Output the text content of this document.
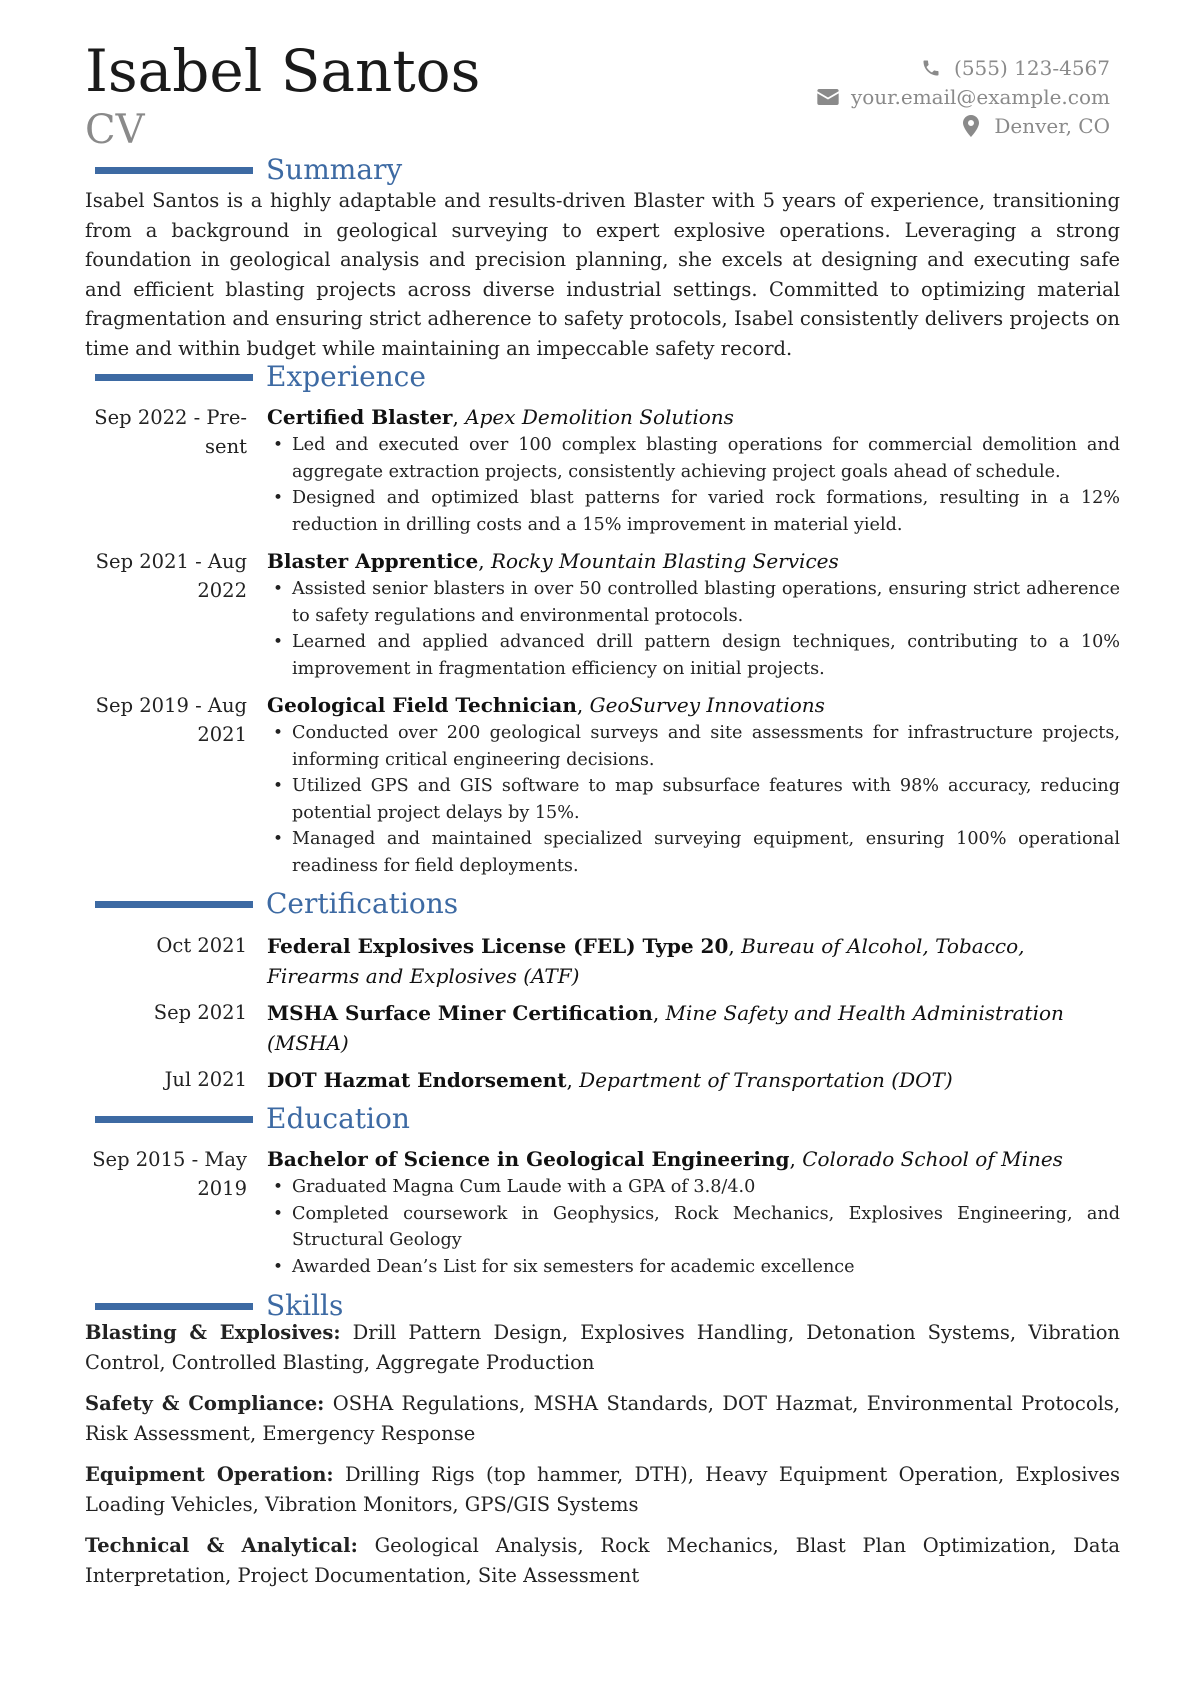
Isabel Santos
CV
(555) 123-4567
your.email@example.com
Denver, CO
Summary
Isabel Santos is a highly adaptable and results-driven Blaster with 5 years of experience, transitioning from a background in geological surveying to expert explosive operations. Leveraging a strong foundation in geological analysis and precision planning, she excels at designing and executing safe and efficient blasting projects across diverse industrial settings. Committed to optimizing material fragmentation and ensuring strict adherence to safety protocols, Isabel consistently delivers projects on time and within budget while maintaining an impeccable safety record.
Experience
Sep 2022 - Pre-
sent
Certified Blaster, Apex Demolition Solutions
• Led and executed over 100 complex blasting operations for commercial demolition and aggregate extraction projects, consistently achieving project goals ahead of schedule.
• Designed and optimized blast patterns for varied rock formations, resulting in a 12% reduction in drilling costs and a 15% improvement in material yield.
Sep 2021 - Aug
2022
Blaster Apprentice, Rocky Mountain Blasting Services
• Assisted senior blasters in over 50 controlled blasting operations, ensuring strict adherence to safety regulations and environmental protocols.
• Learned and applied advanced drill pattern design techniques, contributing to a 10% improvement in fragmentation efficiency on initial projects.
Sep 2019 - Aug
2021
Geological Field Technician, GeoSurvey Innovations
• Conducted over 200 geological surveys and site assessments for infrastructure projects, informing critical engineering decisions.
• Utilized GPS and GIS software to map subsurface features with 98% accuracy, reducing potential project delays by 15%.
• Managed and maintained specialized surveying equipment, ensuring 100% operational readiness for field deployments.
Certifications
Oct 2021 Federal Explosives License (FEL) Type 20, Bureau of Alcohol, Tobacco, Firearms and Explosives (ATF)
Sep 2021 MSHA Surface Miner Certification, Mine Safety and Health Administration (MSHA)
Jul 2021 DOT Hazmat Endorsement, Department of Transportation (DOT)
Education
Sep 2015 - May
2019
Bachelor of Science in Geological Engineering, Colorado School of Mines
• Graduated Magna Cum Laude with a GPA of 3.8/4.0
• Completed coursework in Geophysics, Rock Mechanics, Explosives Engineering, and Structural Geology
• Awarded Dean’s List for six semesters for academic excellence
Skills
Blasting & Explosives: Drill Pattern Design, Explosives Handling, Detonation Systems, Vibration Control, Controlled Blasting, Aggregate Production
Safety & Compliance: OSHA Regulations, MSHA Standards, DOT Hazmat, Environmental Protocols, Risk Assessment, Emergency Response
Equipment Operation: Drilling Rigs (top hammer, DTH), Heavy Equipment Operation, Explosives Loading Vehicles, Vibration Monitors, GPS/GIS Systems
Technical & Analytical: Geological Analysis, Rock Mechanics, Blast Plan Optimization, Data Interpretation, Project Documentation, Site Assessment
